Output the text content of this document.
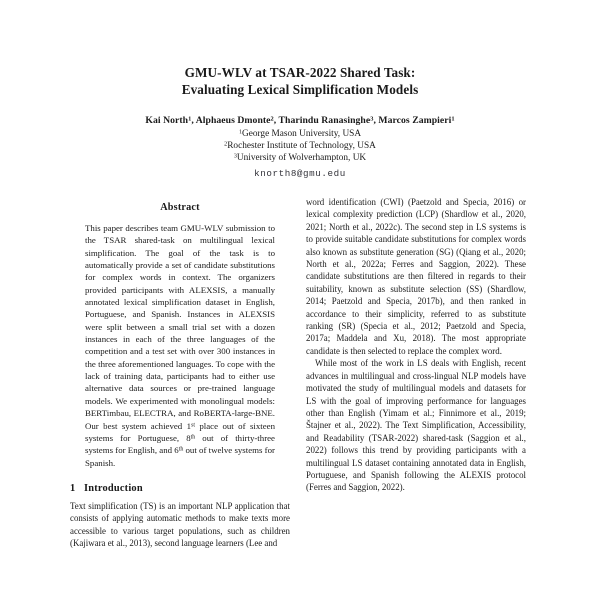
GMU-WLV at TSAR-2022 Shared Task:
Evaluating Lexical Simplification Models
Kai North$^1$, Alphaeus Dmonte$^2$, Tharindu Ranasinghe$^3$, Marcos Zampieri$^1$
$^1$George Mason University, USA
$^2$Rochester Institute of Technology, USA
$^3$University of Wolverhampton, UK
knorth8@gmu.edu
Abstract

This paper describes team GMU-WLV submission to the TSAR shared-task on multilingual lexical simplification. The goal of the task is to automatically provide a set of candidate substitutions for complex words in context. The organizers provided participants with ALEXSIS, a manually annotated lexical simplification dataset in English, Portuguese, and Spanish. Instances in ALEXSIS were split between a small trial set with a dozen instances in each of the three languages of the competition and a test set with over 300 instances in the three aforementioned languages. To cope with the lack of training data, participants had to either use alternative data sources or pre-trained language models. We experimented with monolingual models: BERTimbau, ELECTRA, and RoBERTA-large-BNE. Our best system achieved 1st place out of sixteen systems for Portuguese, 8th out of thirty-three systems for English, and 6th out of twelve systems for Spanish.

1 Introduction

Text simplification (TS) is an important NLP application that consists of applying automatic methods to make texts more accessible to various target populations, such as children (Kajiwara et al., 2013), second language learners (Lee and

word identification (CWI) (Paetzold and Specia, 2016) or lexical complexity prediction (LCP) (Shardlow et al., 2020, 2021; North et al., 2022c). The second step in LS systems is to provide suitable candidate substitutions for complex words also known as substitute generation (SG) (Qiang et al., 2020; North et al., 2022a; Ferres and Saggion, 2022). These candidate substitutions are then filtered in regards to their suitability, known as substitute selection (SS) (Shardlow, 2014; Paetzold and Specia, 2017b), and then ranked in accordance to their simplicity, referred to as substitute ranking (SR) (Specia et al., 2012; Paetzold and Specia, 2017a; Maddela and Xu, 2018). The most appropriate candidate is then selected to replace the complex word.

While most of the work in LS deals with English, recent advances in multilingual and cross-lingual NLP models have motivated the study of multilingual models and datasets for LS with the goal of improving performance for languages other than English (Yimam et al.; Finnimore et al., 2019; Štajner et al., 2022). The Text Simplification, Accessibility, and Readability (TSAR-2022) shared-task (Saggion et al., 2022) follows this trend by providing participants with a multilingual LS dataset containing annotated data in English, Portuguese, and Spanish following the ALEXIS protocol (Ferres and Saggion, 2022).
